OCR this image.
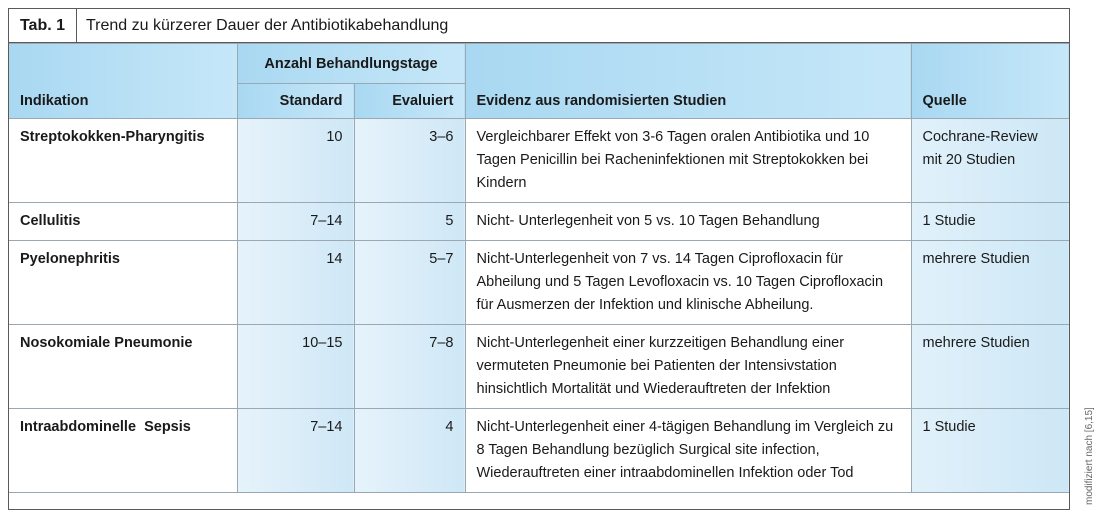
Tab. 1	Trend zu kürzerer Dauer der Antibiotikabehandlung
Indikation	Anzahl Behandlungstage		Evidenz aus randomisierten Studien	Quelle
	Standard	Evaluiert		
Streptokokken-Pharyngitis	10	3–6	Vergleichbarer Effekt von 3-6 Tagen oralen Antibiotika und 10 Tagen Penicillin bei Racheninfektionen mit Streptokokken bei Kindern	Cochrane-Review mit 20 Studien
Cellulitis	7–14	5	Nicht- Unterlegenheit von 5 vs. 10 Tagen Behandlung	1 Studie
Pyelonephritis	14	5–7	Nicht-Unterlegenheit von 7 vs. 14 Tagen Ciprofloxacin für Abheilung und 5 Tagen Levofloxacin vs. 10 Tagen Ciprofloxacin für Ausmerzen der Infektion und klinische Abheilung.	mehrere Studien
Nosokomiale Pneumonie	10–15	7–8	Nicht-Unterlegenheit einer kurzzeitigen Behandlung einer vermuteten Pneumonie bei Patienten der Intensivstation hinsichtlich Mortalität und Wiederauftreten der Infektion	mehrere Studien
Intraabdominelle  Sepsis	7–14	4	Nicht-Unterlegenheit einer 4-tägigen Behandlung im Vergleich zu 8 Tagen Behandlung bezüglich Surgical site infection, Wiederauftreten einer intraabdominellen Infektion oder Tod	1 Studie	modifiziert nach [6,15]
